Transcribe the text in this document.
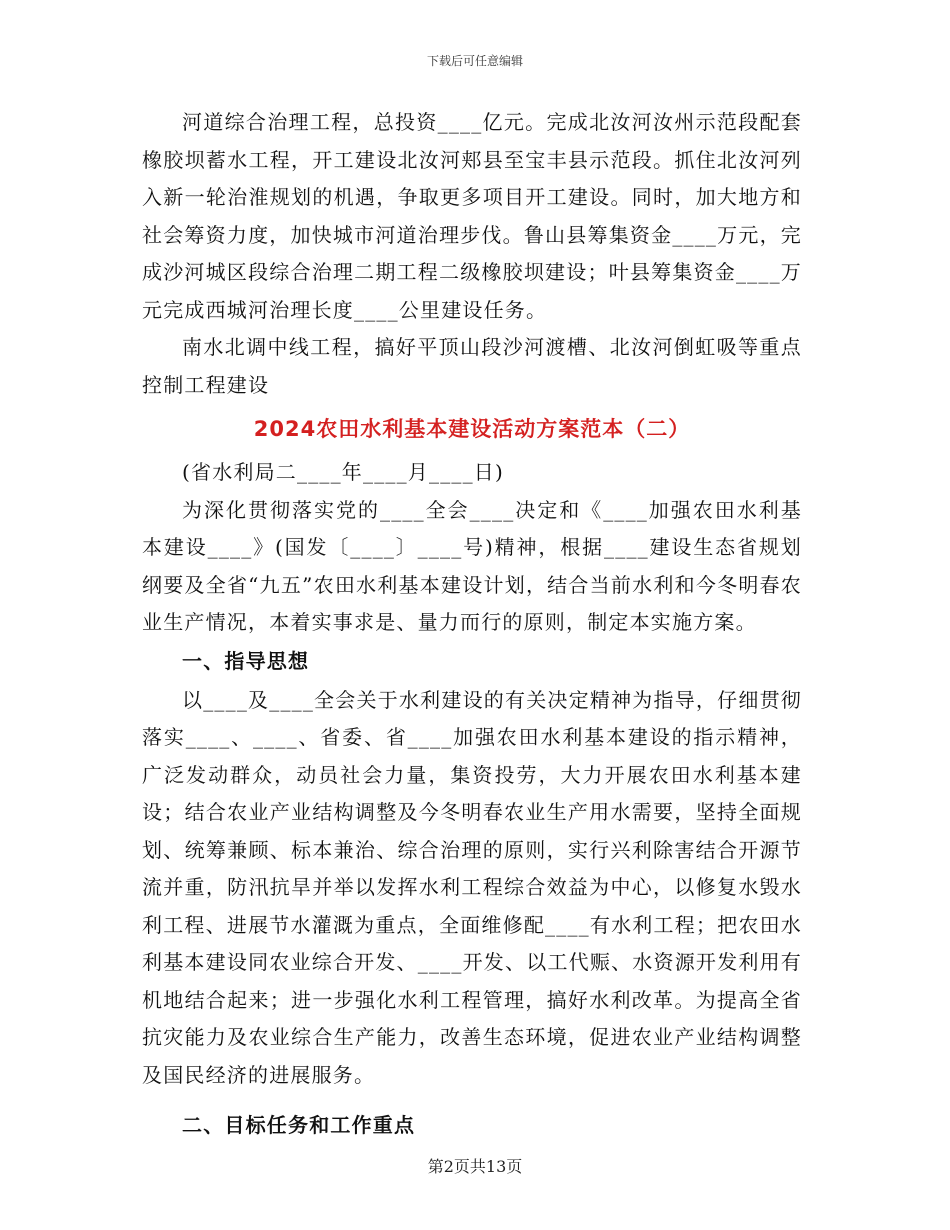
下载后可任意编辑

河道综合治理工程，总投资____亿元。完成北汝河汝州示范段配套橡胶坝蓄水工程，开工建设北汝河郏县至宝丰县示范段。抓住北汝河列入新一轮治淮规划的机遇，争取更多项目开工建设。同时，加大地方和社会筹资力度，加快城市河道治理步伐。鲁山县筹集资金____万元，完成沙河城区段综合治理二期工程二级橡胶坝建设；叶县筹集资金____万元完成西城河治理长度____公里建设任务。

南水北调中线工程，搞好平顶山段沙河渡槽、北汝河倒虹吸等重点控制工程建设

2024农田水利基本建设活动方案范本（二）

(省水利局二____年____月____日)

为深化贯彻落实党的____全会____决定和《____加强农田水利基本建设____》(国发〔____〕____号)精神，根据____建设生态省规划纲要及全省“九五”农田水利基本建设计划，结合当前水利和今冬明春农业生产情况，本着实事求是、量力而行的原则，制定本实施方案。

一、指导思想

以____及____全会关于水利建设的有关决定精神为指导，仔细贯彻落实____、____、省委、省____加强农田水利基本建设的指示精神，广泛发动群众，动员社会力量，集资投劳，大力开展农田水利基本建设；结合农业产业结构调整及今冬明春农业生产用水需要，坚持全面规划、统筹兼顾、标本兼治、综合治理的原则，实行兴利除害结合开源节流并重，防汛抗旱并举以发挥水利工程综合效益为中心，以修复水毁水利工程、进展节水灌溉为重点，全面维修配____有水利工程；把农田水利基本建设同农业综合开发、____开发、以工代赈、水资源开发利用有机地结合起来；进一步强化水利工程管理，搞好水利改革。为提高全省抗灾能力及农业综合生产能力，改善生态环境，促进农业产业结构调整及国民经济的进展服务。

二、目标任务和工作重点
第2页共13页
